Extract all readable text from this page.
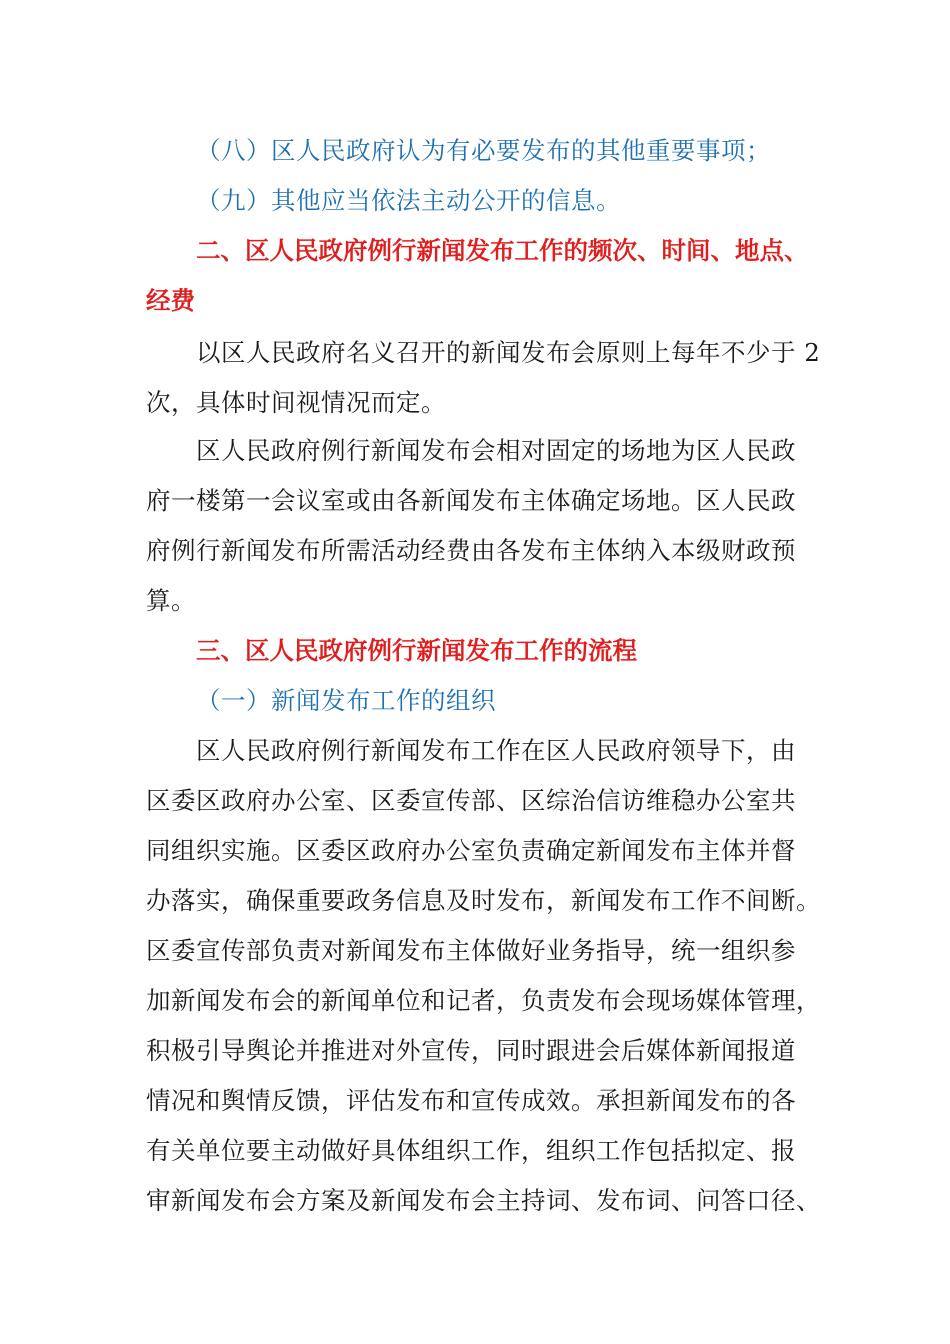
（八）区人民政府认为有必要发布的其他重要事项；
（九）其他应当依法主动公开的信息。
二、区人民政府例行新闻发布工作的频次、时间、地点、
经费
以区人民政府名义召开的新闻发布会原则上每年不少于 2
次，具体时间视情况而定。
区人民政府例行新闻发布会相对固定的场地为区人民政
府一楼第一会议室或由各新闻发布主体确定场地。区人民政
府例行新闻发布所需活动经费由各发布主体纳入本级财政预
算。
三、区人民政府例行新闻发布工作的流程
（一）新闻发布工作的组织
区人民政府例行新闻发布工作在区人民政府领导下，由
区委区政府办公室、区委宣传部、区综治信访维稳办公室共
同组织实施。区委区政府办公室负责确定新闻发布主体并督
办落实，确保重要政务信息及时发布，新闻发布工作不间断。
区委宣传部负责对新闻发布主体做好业务指导，统一组织参
加新闻发布会的新闻单位和记者，负责发布会现场媒体管理，
积极引导舆论并推进对外宣传，同时跟进会后媒体新闻报道
情况和舆情反馈，评估发布和宣传成效。承担新闻发布的各
有关单位要主动做好具体组织工作，组织工作包括拟定、报
审新闻发布会方案及新闻发布会主持词、发布词、问答口径、
